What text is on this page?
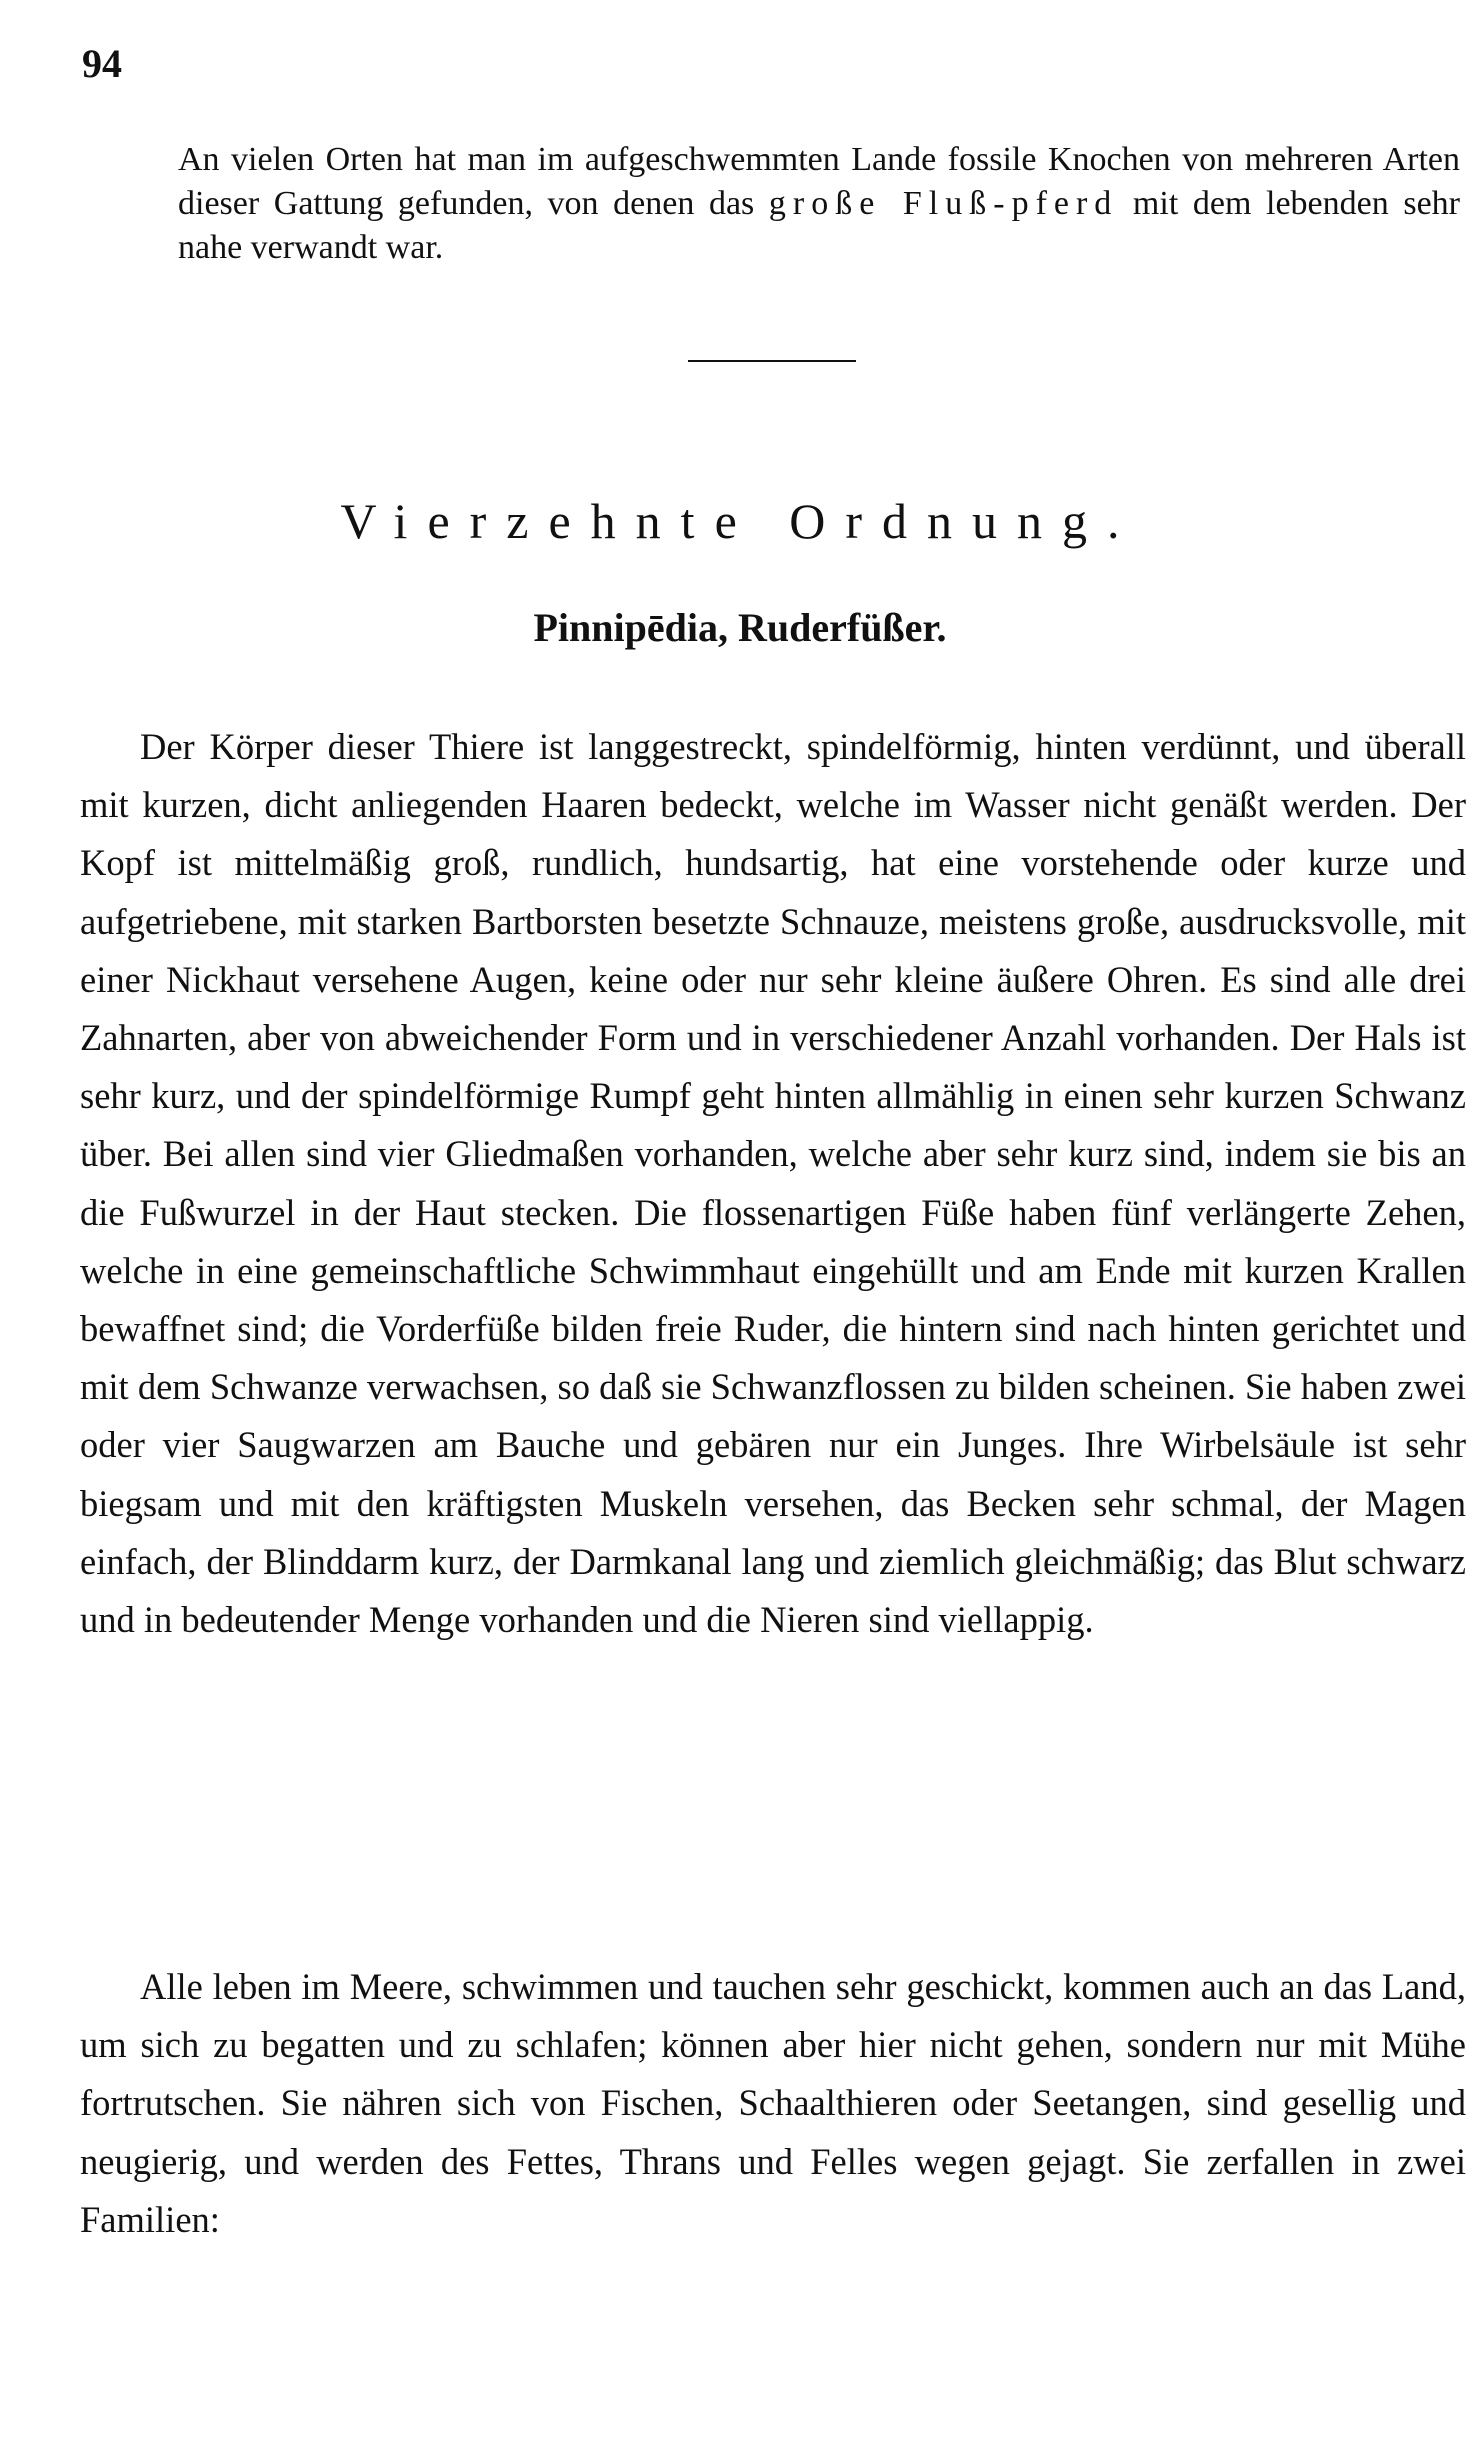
94
An vielen Orten hat man im aufgeschwemmten Lande fossile Knochen von mehreren Arten dieser Gattung gefunden, von denen das große Fluß-pferd mit dem lebenden sehr nahe verwandt war.
Vierzehnte Ordnung.
Pinnipēdia, Ruderfüßer.
Der Körper dieser Thiere ist langgestreckt, spindelförmig, hinten verdünnt, und überall mit kurzen, dicht anliegenden Haaren bedeckt, welche im Wasser nicht genäßt werden. Der Kopf ist mittelmäßig groß, rundlich, hundsartig, hat eine vorstehende oder kurze und aufgetriebene, mit starken Bartborsten besetzte Schnauze, meistens große, ausdrucksvolle, mit einer Nickhaut versehene Augen, keine oder nur sehr kleine äußere Ohren. Es sind alle drei Zahnarten, aber von abweichender Form und in verschiedener Anzahl vorhanden. Der Hals ist sehr kurz, und der spindelförmige Rumpf geht hinten allmählig in einen sehr kurzen Schwanz über. Bei allen sind vier Gliedmaßen vorhanden, welche aber sehr kurz sind, indem sie bis an die Fußwurzel in der Haut stecken. Die flossenartigen Füße haben fünf verlängerte Zehen, welche in eine gemeinschaftliche Schwimmhaut eingehüllt und am Ende mit kurzen Krallen bewaffnet sind; die Vorderfüße bilden freie Ruder, die hintern sind nach hinten gerichtet und mit dem Schwanze verwachsen, so daß sie Schwanzflossen zu bilden scheinen. Sie haben zwei oder vier Saugwarzen am Bauche und gebären nur ein Junges. Ihre Wirbelsäule ist sehr biegsam und mit den kräftigsten Muskeln versehen, das Becken sehr schmal, der Magen einfach, der Blinddarm kurz, der Darmkanal lang und ziemlich gleichmäßig; das Blut schwarz und in bedeutender Menge vorhanden und die Nieren sind viellappig.
Alle leben im Meere, schwimmen und tauchen sehr geschickt, kommen auch an das Land, um sich zu begatten und zu schlafen; können aber hier nicht gehen, sondern nur mit Mühe fortrutschen. Sie nähren sich von Fischen, Schaalthieren oder Seetangen, sind gesellig und neugierig, und werden des Fettes, Thrans und Felles wegen gejagt. Sie zerfallen in zwei Familien:
